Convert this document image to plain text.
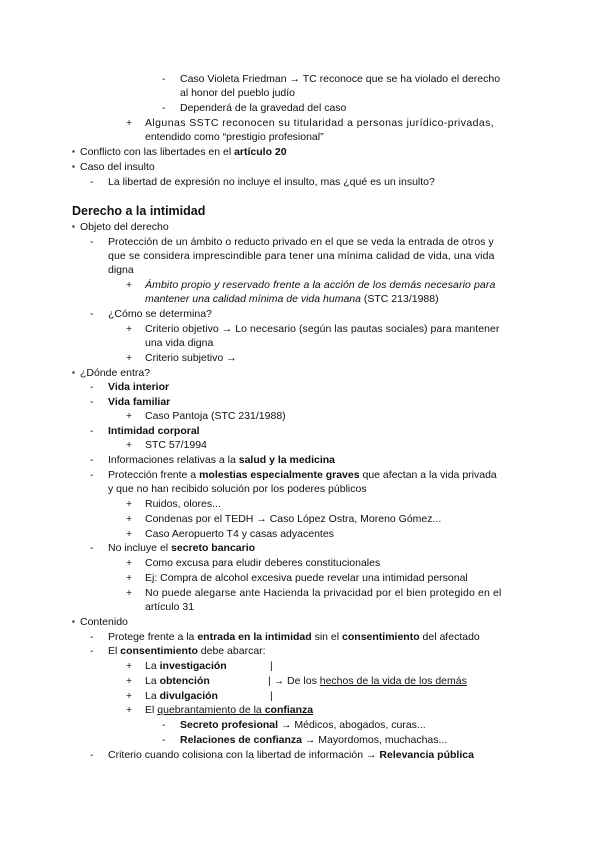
- Caso Violeta Friedman → TC reconoce que se ha violado el derecho
al honor del pueblo judío
- Dependerá de la gravedad del caso
+ Algunas SSTC reconocen su titularidad a personas jurídico-privadas,
entendido como “prestigio profesional”
▪ Conflicto con las libertades en el artículo 20
▪ Caso del insulto
- La libertad de expresión no incluye el insulto, mas ¿qué es un insulto?
Derecho a la intimidad
▪ Objeto del derecho
- Protección de un ámbito o reducto privado en el que se veda la entrada de otros y
que se considera imprescindible para tener una mínima calidad de vida, una vida
digna
+ Ámbito propio y reservado frente a la acción de los demás necesario para
mantener una calidad mínima de vida humana (STC 213/1988)
- ¿Cómo se determina?
+ Criterio objetivo → Lo necesario (según las pautas sociales) para mantener
una vida digna
+ Criterio subjetivo →
▪ ¿Dónde entra?
- Vida interior
- Vida familiar
+ Caso Pantoja (STC 231/1988)
- Intimidad corporal
+ STC 57/1994
- Informaciones relativas a la salud y la medicina
- Protección frente a molestias especialmente graves que afectan a la vida privada
y que no han recibido solución por los poderes públicos
+ Ruidos, olores...
+ Condenas por el TEDH → Caso López Ostra, Moreno Gómez...
+ Caso Aeropuerto T4 y casas adyacentes
- No incluye el secreto bancario
+ Como excusa para eludir deberes constitucionales
+ Ej: Compra de alcohol excesiva puede revelar una intimidad personal
+ No puede alegarse ante Hacienda la privacidad por el bien protegido en el
artículo 31
▪ Contenido
- Protege frente a la entrada en la intimidad sin el consentimiento del afectado
- El consentimiento debe abarcar:
+ La investigación	|
+ La obtención	| → De los hechos de la vida de los demás
+ La divulgación	|
+ El quebrantamiento de la confianza
- Secreto profesional → Médicos, abogados, curas...
- Relaciones de confianza → Mayordomos, muchachas...
- Criterio cuando colisiona con la libertad de información → Relevancia pública
